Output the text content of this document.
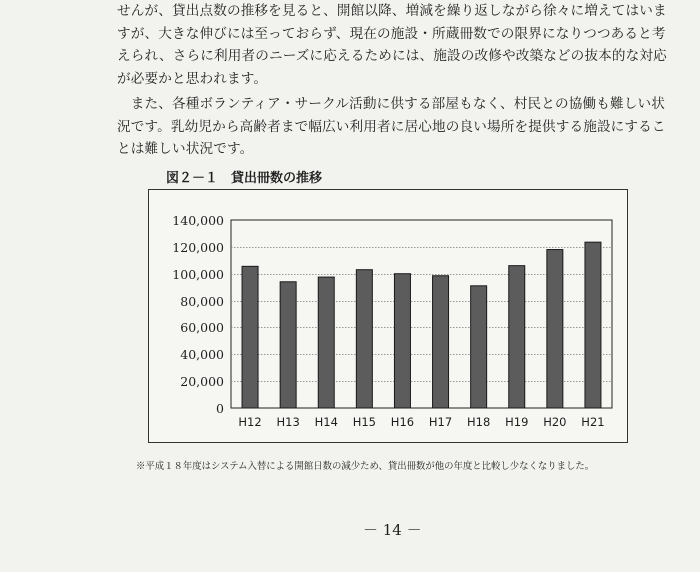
せんが、貸出点数の推移を見ると、開館以降、増減を繰り返しながら徐々に増えてはいま
すが、大きな伸びには至っておらず、現在の施設・所蔵冊数での限界になりつつあると考
えられ、さらに利用者のニーズに応えるためには、施設の改修や改築などの抜本的な対応
が必要かと思われます。
　また、各種ボランティア・サークル活動に供する部屋もなく、村民との協働も難しい状
況です。乳幼児から高齢者まで幅広い利用者に居心地の良い場所を提供する施設にするこ
とは難しい状況です。
図２－１　貸出冊数の推移
0
20,000
40,000
60,000
80,000
100,000
120,000
140,000
H12 H13 H14 H15 H16 H17 H18 H19 H20 H21
※平成１８年度はシステム入替による開館日数の減少ため、貸出冊数が他の年度と比較し少なくなりました。
－ 14 －
